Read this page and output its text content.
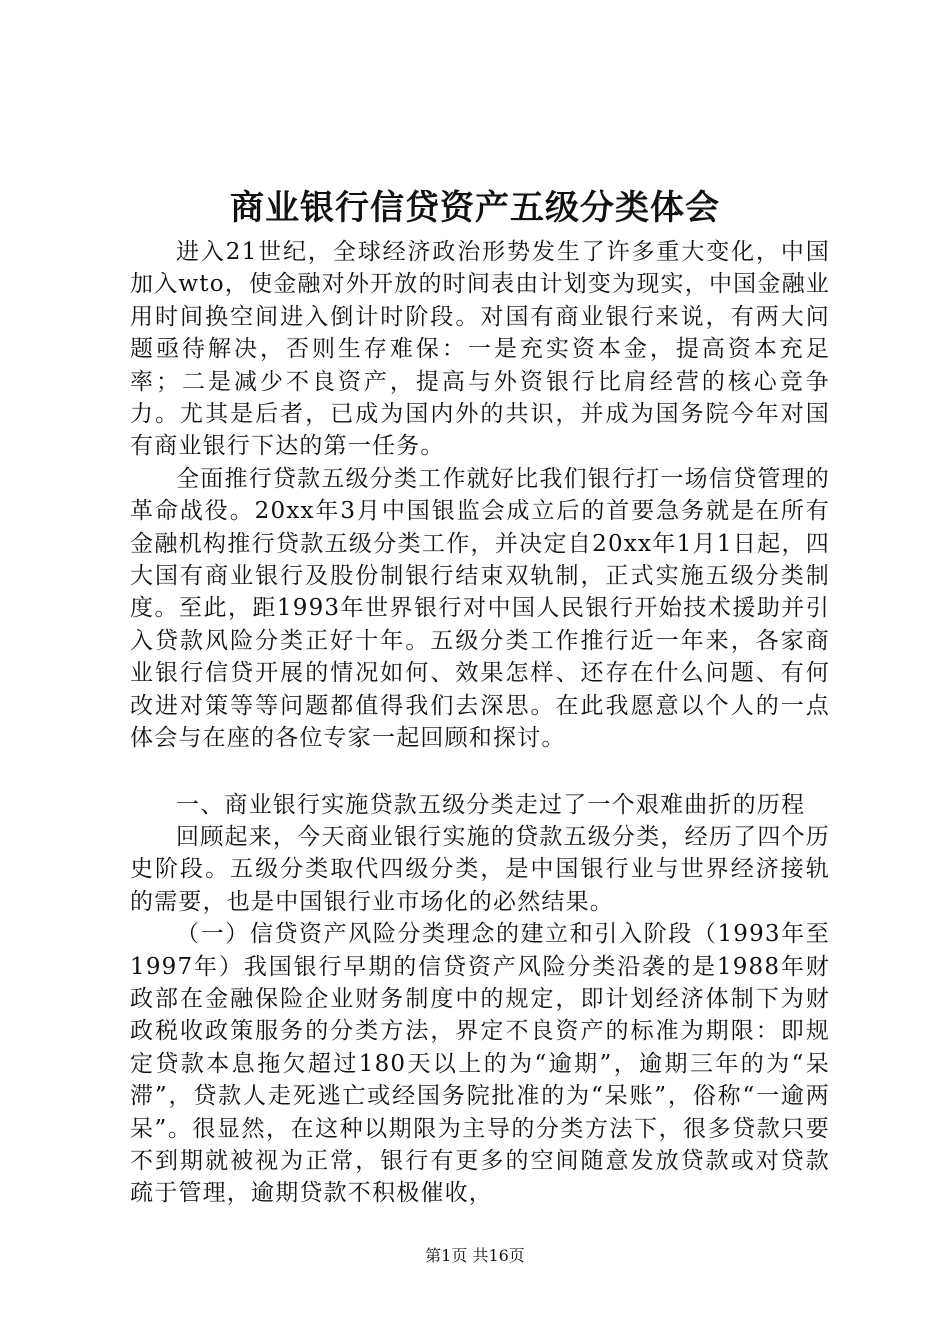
商业银行信贷资产五级分类体会

进入21世纪，全球经济政治形势发生了许多重大变化，中国加入wto，使金融对外开放的时间表由计划变为现实，中国金融业用时间换空间进入倒计时阶段。对国有商业银行来说，有两大问题亟待解决，否则生存难保：一是充实资本金，提高资本充足率；二是减少不良资产，提高与外资银行比肩经营的核心竞争力。尤其是后者，已成为国内外的共识，并成为国务院今年对国有商业银行下达的第一任务。

全面推行贷款五级分类工作就好比我们银行打一场信贷管理的革命战役。20xx年3月中国银监会成立后的首要急务就是在所有金融机构推行贷款五级分类工作，并决定自20xx年1月1日起，四大国有商业银行及股份制银行结束双轨制，正式实施五级分类制度。至此，距1993年世界银行对中国人民银行开始技术援助并引入贷款风险分类正好十年。五级分类工作推行近一年来，各家商业银行信贷开展的情况如何、效果怎样、还存在什么问题、有何改进对策等等问题都值得我们去深思。在此我愿意以个人的一点体会与在座的各位专家一起回顾和探讨。

一、商业银行实施贷款五级分类走过了一个艰难曲折的历程

回顾起来，今天商业银行实施的贷款五级分类，经历了四个历史阶段。五级分类取代四级分类，是中国银行业与世界经济接轨的需要，也是中国银行业市场化的必然结果。

（一）信贷资产风险分类理念的建立和引入阶段（1993年至1997年）我国银行早期的信贷资产风险分类沿袭的是1988年财政部在金融保险企业财务制度中的规定，即计划经济体制下为财政税收政策服务的分类方法，界定不良资产的标准为期限：即规定贷款本息拖欠超过180天以上的为“逾期”，逾期三年的为“呆滞”，贷款人走死逃亡或经国务院批准的为“呆账”，俗称“一逾两呆”。很显然，在这种以期限为主导的分类方法下，很多贷款只要不到期就被视为正常，银行有更多的空间随意发放贷款或对贷款疏于管理，逾期贷款不积极催收，

第1页 共16页
